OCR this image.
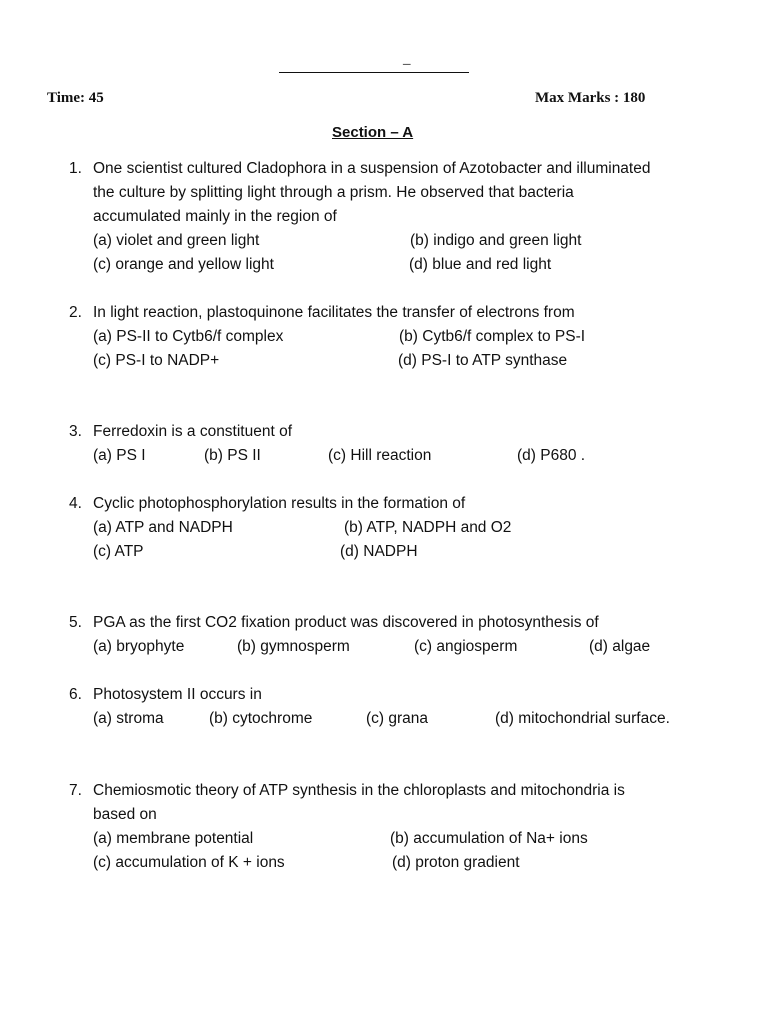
_
Time: 45	Max Marks : 180
Section – A
1. One scientist cultured Cladophora in a suspension of Azotobacter and illuminated
the culture by splitting light through a prism. He observed that bacteria
accumulated mainly in the region of
(a) violet and green light	(b) indigo and green light
(c) orange and yellow light	(d) blue and red light
2. In light reaction, plastoquinone facilitates the transfer of electrons from
(a) PS-II to Cytb6/f complex	(b) Cytb6/f complex to PS-I
(c) PS-I to NADP+	(d) PS-I to ATP synthase
3. Ferredoxin is a constituent of
(a) PS I	(b) PS II	(c) Hill reaction	(d) P680 .
4. Cyclic photophosphorylation results in the formation of
(a) ATP and NADPH	(b) ATP, NADPH and O2
(c) ATP	(d) NADPH
5. PGA as the first CO2 fixation product was discovered in photosynthesis of
(a) bryophyte	(b) gymnosperm	(c) angiosperm	(d) algae
6. Photosystem II occurs in
(a) stroma	(b) cytochrome	(c) grana	(d) mitochondrial surface.
7. Chemiosmotic theory of ATP synthesis in the chloroplasts and mitochondria is
based on
(a) membrane potential	(b) accumulation of Na+ ions
(c) accumulation of K + ions	(d) proton gradient
